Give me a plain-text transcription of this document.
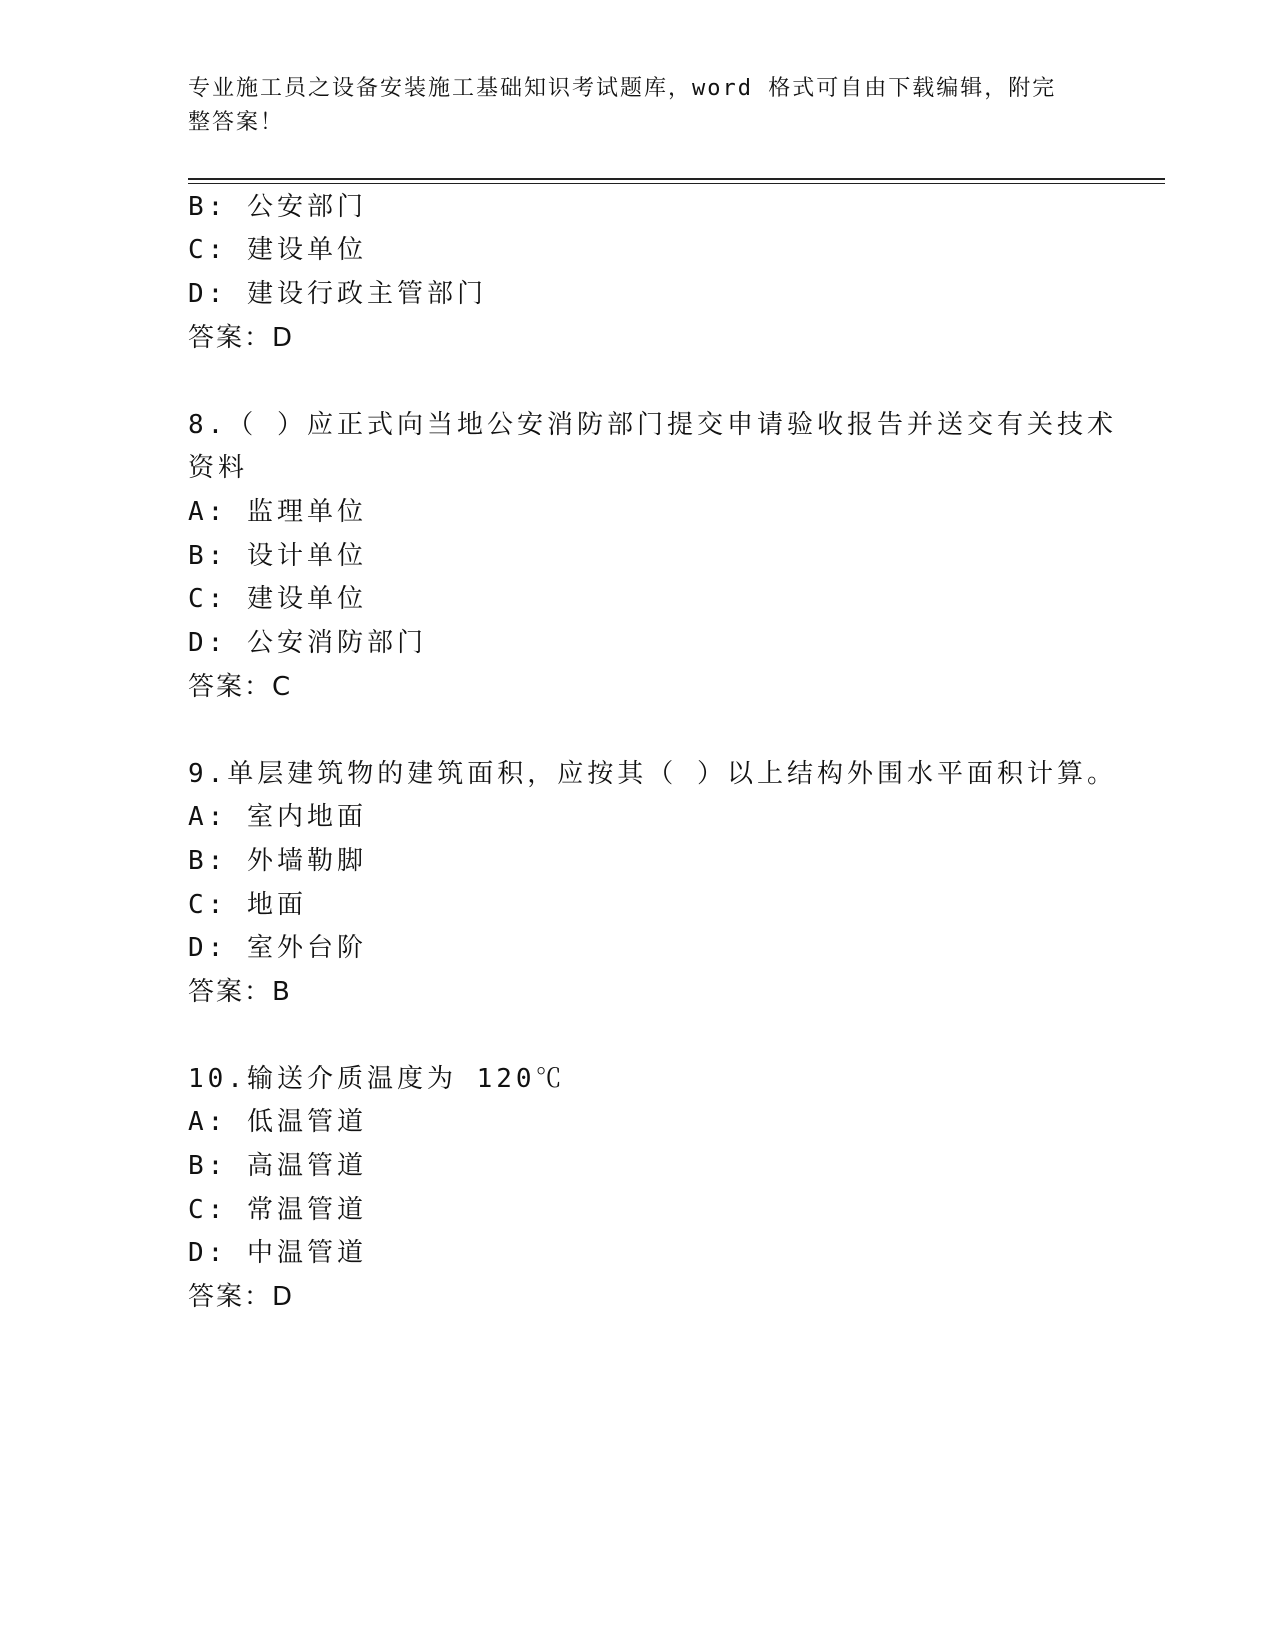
专业施工员之设备安装施工基础知识考试题库，word 格式可自由下载编辑，附完
整答案！
B: 公安部门
C: 建设单位
D: 建设行政主管部门
答案：D
8.（ ）应正式向当地公安消防部门提交申请验收报告并送交有关技术
资料
A: 监理单位
B: 设计单位
C: 建设单位
D: 公安消防部门
答案：C
9.单层建筑物的建筑面积，应按其（ ）以上结构外围水平面积计算。
A: 室内地面
B: 外墙勒脚
C: 地面
D: 室外台阶
答案：B
10.输送介质温度为 120℃
A: 低温管道
B: 高温管道
C: 常温管道
D: 中温管道
答案：D
